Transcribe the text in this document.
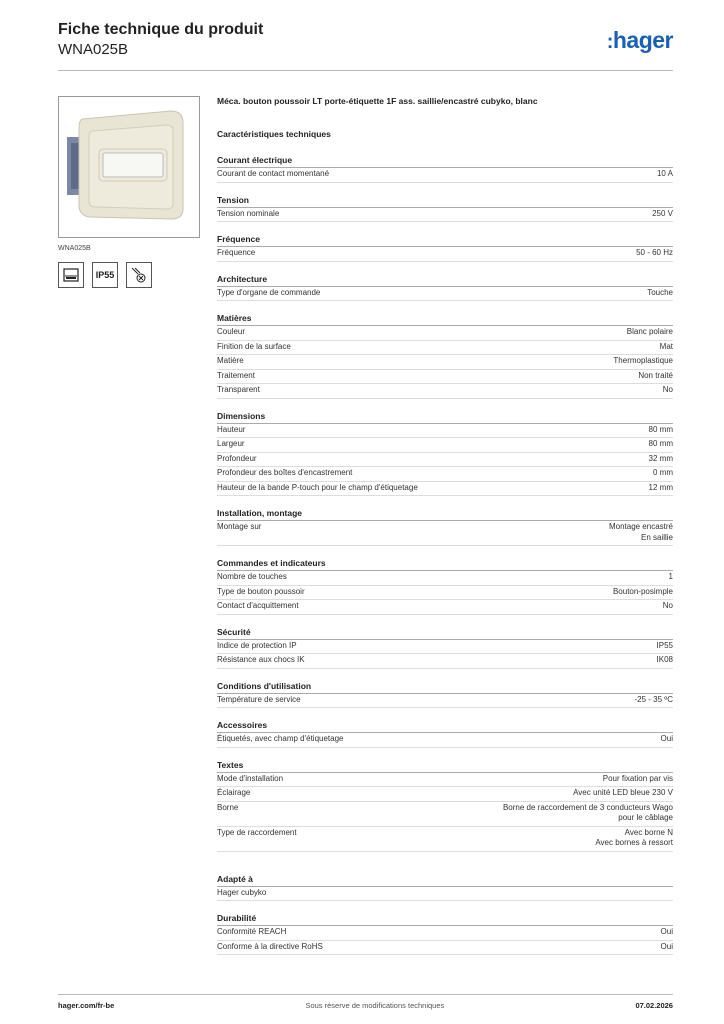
Fiche technique du produit
WNA025B	:hager
WNA025B
IP55
Méca. bouton poussoir LT porte-étiquette 1F ass. saillie/encastré cubyko, blanc
Caractéristiques techniques
Courant électrique
Courant de contact momentané	10 A
Tension
Tension nominale	250 V
Fréquence
Fréquence	50 - 60 Hz
Architecture
Type d'organe de commande	Touche
Matières
Couleur	Blanc polaire
Finition de la surface	Mat
Matière	Thermoplastique
Traitement	Non traité
Transparent	No
Dimensions
Hauteur	80 mm
Largeur	80 mm
Profondeur	32 mm
Profondeur des boîtes d'encastrement	0 mm
Hauteur de la bande P-touch pour le champ d'étiquetage	12 mm
Installation, montage
Montage sur	Montage encastré
En saillie
Commandes et indicateurs
Nombre de touches	1
Type de bouton poussoir	Bouton-posimple
Contact d'acquittement	No
Sécurité
Indice de protection IP	IP55
Résistance aux chocs IK	IK08
Conditions d'utilisation
Température de service	-25 - 35 ºC
Accessoires
Étiquetés, avec champ d'étiquetage	Oui
Textes
Mode d'installation	Pour fixation par vis
Éclairage	Avec unité LED bleue 230 V
Borne	Borne de raccordement de 3 conducteurs Wago
pour le câblage
Type de raccordement	Avec borne N
Avec bornes à ressort
Adapté à
Hager cubyko
Durabilité
Conformité REACH	Oui
Conforme à la directive RoHS	Oui
hager.com/fr-be	Sous réserve de modifications techniques	07.02.2026
